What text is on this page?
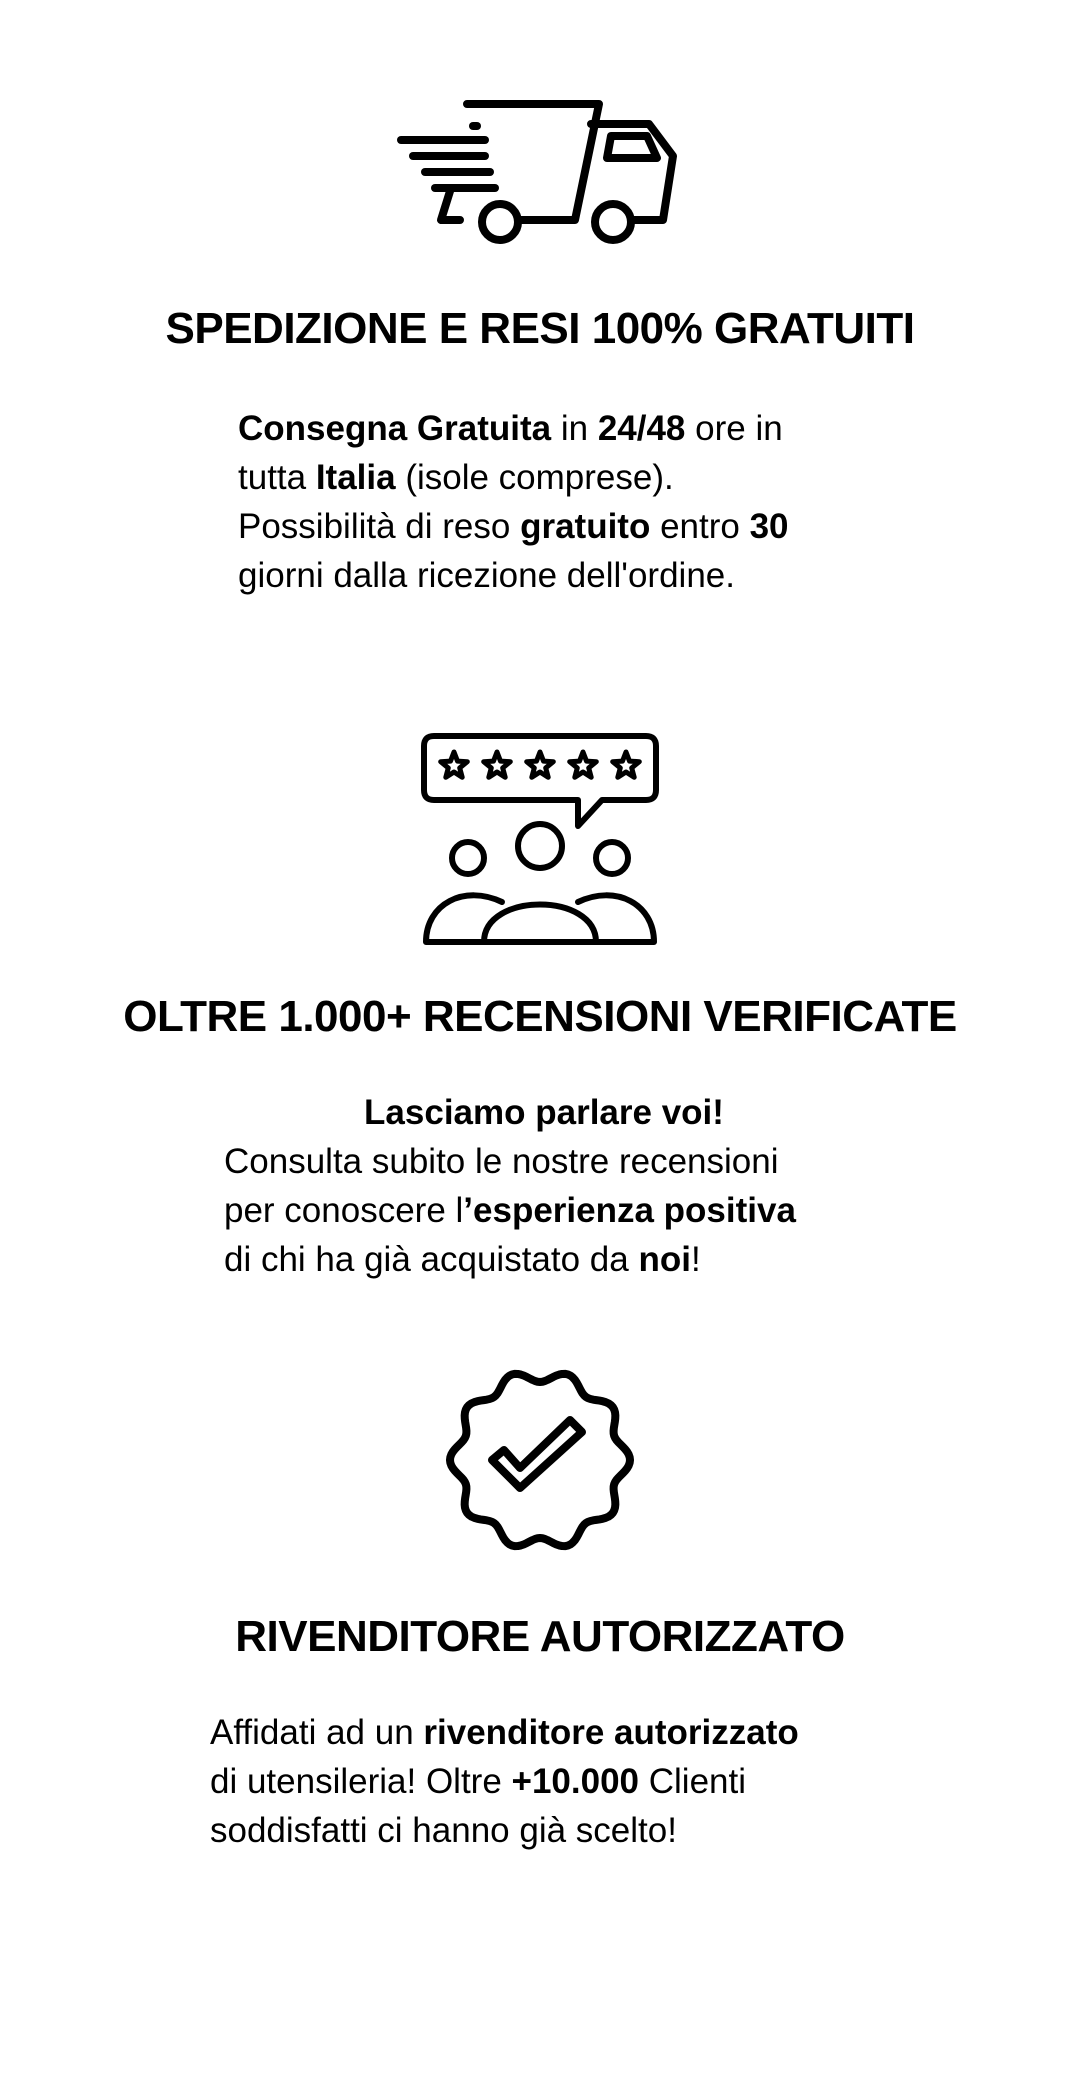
SPEDIZIONE E RESI 100% GRATUITI
Consegna Gratuita in 24/48 ore in
tutta Italia (isole comprese).
Possibilità di reso gratuito entro 30
giorni dalla ricezione dell'ordine.
OLTRE 1.000+ RECENSIONI VERIFICATE
Lasciamo parlare voi!
Consulta subito le nostre recensioni
per conoscere l’esperienza positiva
di chi ha già acquistato da noi!
RIVENDITORE AUTORIZZATO
Affidati ad un rivenditore autorizzato
di utensileria! Oltre +10.000 Clienti
soddisfatti ci hanno già scelto!
